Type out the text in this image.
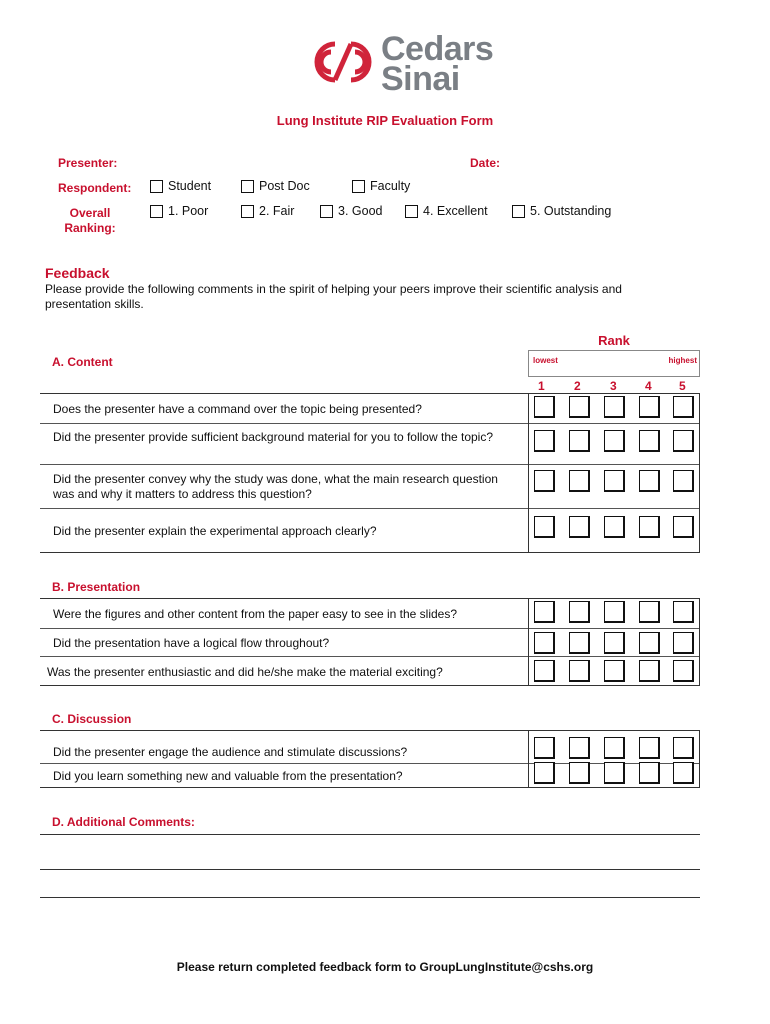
Cedars
Sinai
Lung Institute RIP Evaluation Form
Presenter:	Date:
Respondent:	Student	Post Doc	Faculty
Overall
Ranking:
1. Poor	2. Fair	3. Good	4. Excellent	5. Outstanding
Feedback
Please provide the following comments in the spirit of helping your peers improve their scientific analysis and presentation skills.
Rank
lowest	highest
1 2 3 4 5
A. Content
Does the presenter have a command over the topic being presented?
Did the presenter provide sufficient background material for you to follow the topic?
Did the presenter convey why the study was done, what the main research question was and why it matters to address this question?
Did the presenter explain the experimental approach clearly?
B. Presentation
Were the figures and other content from the paper easy to see in the slides?
Did the presentation have a logical flow throughout?
Was the presenter enthusiastic and did he/she make the material exciting?
C. Discussion
Did the presenter engage the audience and stimulate discussions?
Did you learn something new and valuable from the presentation?
D. Additional Comments:
Please return completed feedback form to GroupLungInstitute@cshs.org
